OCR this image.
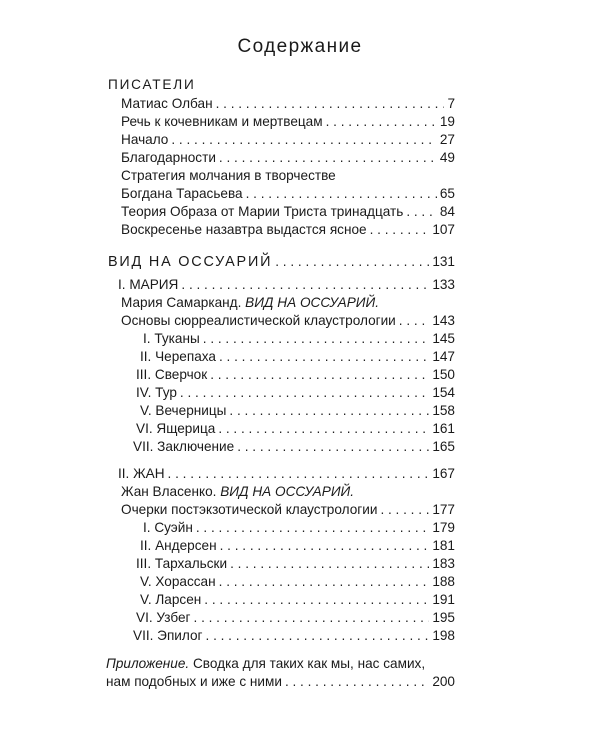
Содержание
ПИСАТЕЛИ
Матиас Олбан . . .	7
Речь к кочевникам и мертвецам . . .	19
Начало . . .	27
Благодарности . . .	49
Стратегия молчания в творчестве
Богдана Тарасьева . . .	65
Теория Образа от Марии Триста тринадцать . . .	84
Воскресенье назавтра выдастся ясное . . .	107
ВИД НА ОССУАРИЙ . . .	131
I. МАРИЯ . . .	133
Мария Самарканд. ВИД НА ОССУАРИЙ.
Основы сюрреалистической клаустрологии . . .	143
I. Туканы . . .	145
II. Черепаха . . .	147
III. Сверчок . . .	150
IV. Тур . . .	154
V. Вечерницы . . .	158
VI. Ящерица . . .	161
VII. Заключение . . .	165
II. ЖАН . . .	167
Жан Власенко. ВИД НА ОССУАРИЙ.
Очерки постэкзотической клаустрологии . . .	177
I. Суэйн . . .	179
II. Андерсен . . .	181
III. Тархальски . . .	183
V. Хорассан . . .	188
V. Ларсен . . .	191
VI. Узбег . . .	195
VII. Эпилог . . .	198
Приложение. Сводка для таких как мы, нас самих,
нам подобных и иже с ними . . .	200
